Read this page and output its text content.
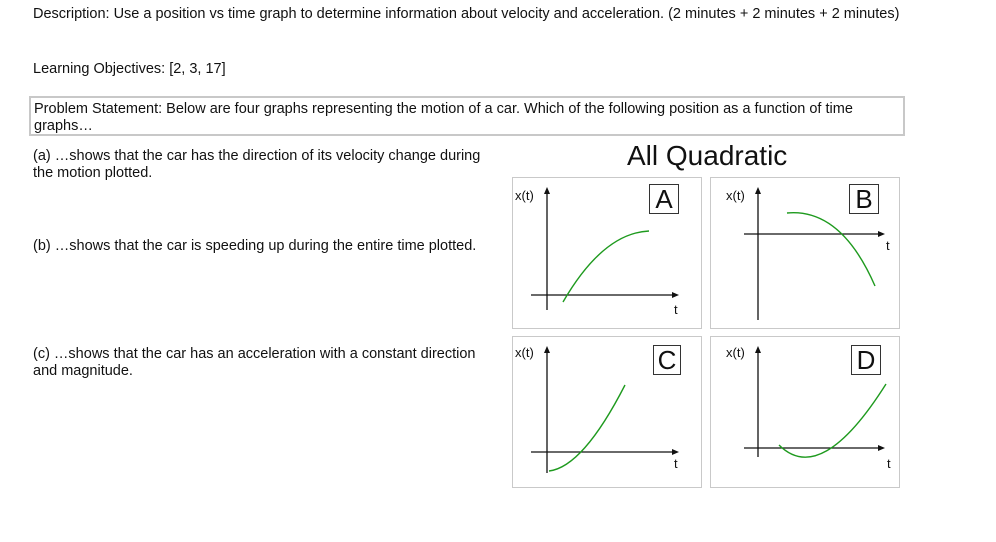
Description: Use a position vs time graph to determine information about velocity and acceleration. (2 minutes + 2 minutes + 2 minutes)
Learning Objectives: [2, 3, 17]
Problem Statement: Below are four graphs representing the motion of a car. Which of the following position as a function of time graphs…
(a) …shows that the car has the direction of its velocity change during the motion plotted.
(b) …shows that the car is speeding up during the entire time plotted.
(c) …shows that the car has an acceleration with a constant direction and magnitude.
All Quadratic
x(t)
t
A	x(t)
t
B
x(t)
t
C	x(t)
t
D
